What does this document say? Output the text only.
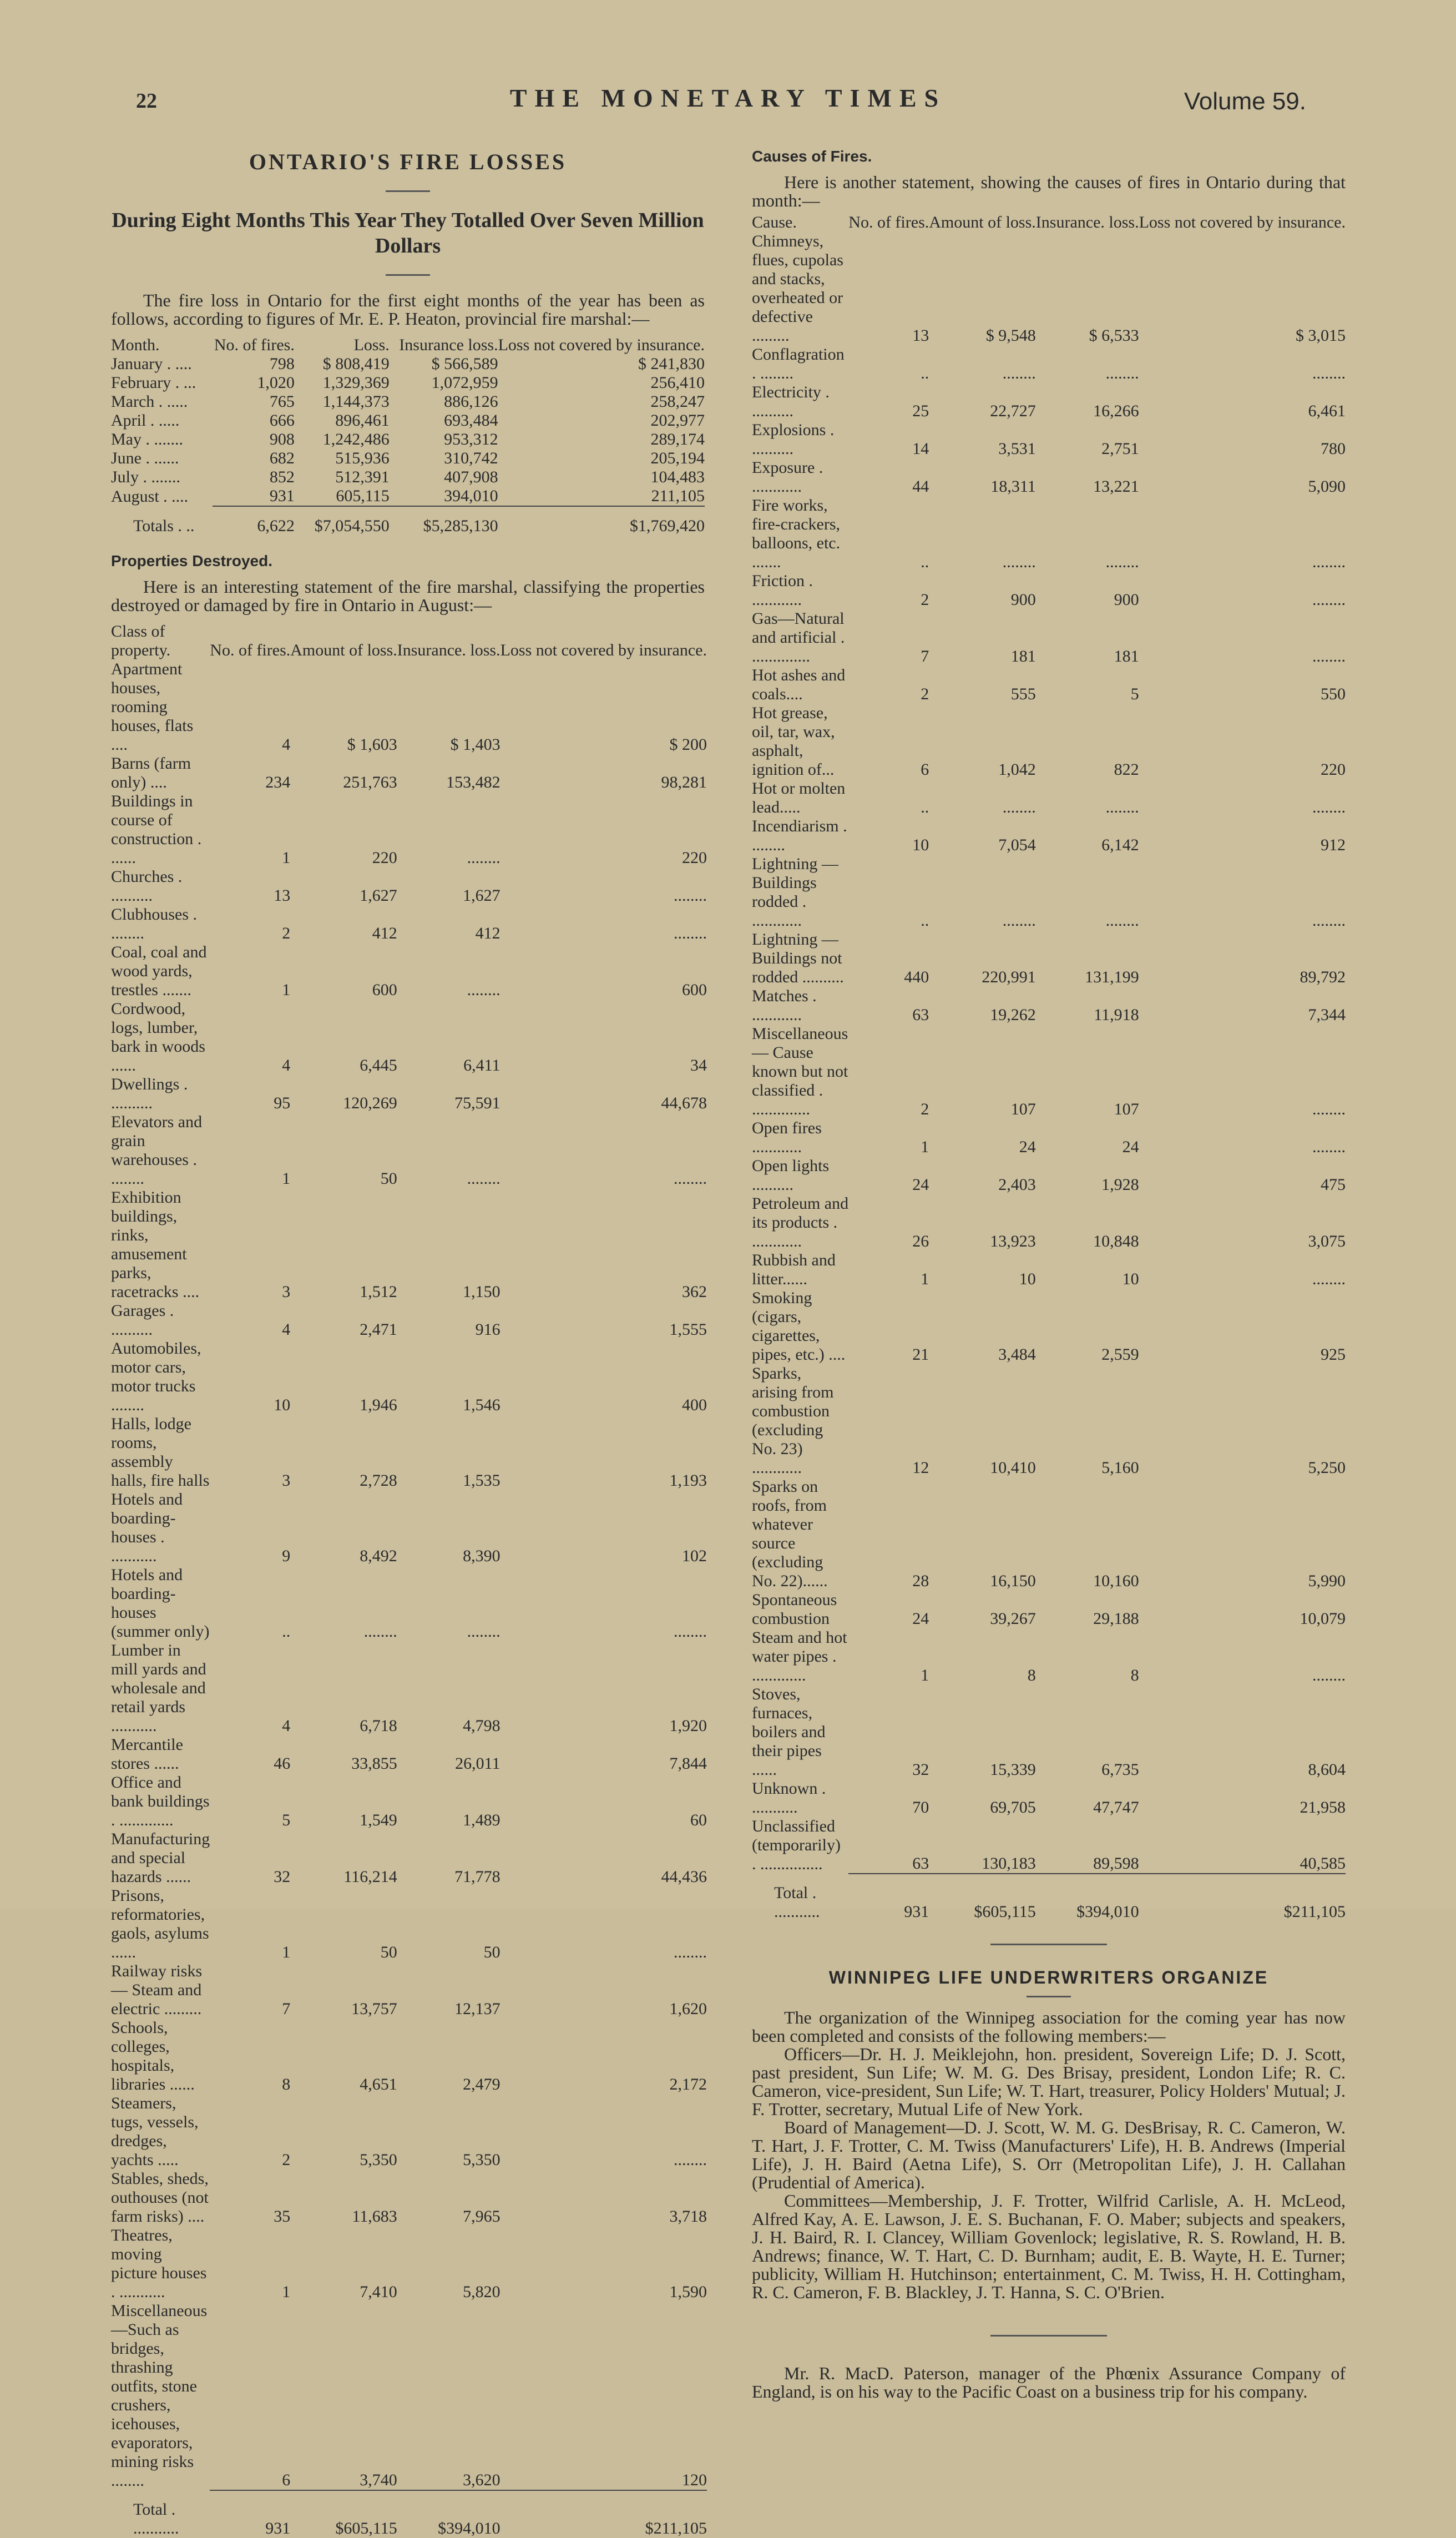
22	THE MONETARY TIMES	Volume 59.
ONTARIO'S FIRE LOSSES
During Eight Months This Year They Totalled Over Seven Million Dollars

The fire loss in Ontario for the first eight months of the year has been as follows, according to figures of Mr. E. P. Heaton, provincial fire marshal:—

Month.	No. of fires.	Loss.	Insurance loss.	Loss not covered by insurance.
January . ....	798	$ 808,419	$ 566,589	$ 241,830
February . ...	1,020	1,329,369	1,072,959	256,410
March . .....	765	1,144,373	886,126	258,247
April . .....	666	896,461	693,484	202,977
May . .......	908	1,242,486	953,312	289,174
June . ......	682	515,936	310,742	205,194
July . .......	852	512,391	407,908	104,483
August . ....	931	605,115	394,010	211,105
Totals . ..	6,622	$7,054,550	$5,285,130	$1,769,420
Properties Destroyed.

Here is an interesting statement of the fire marshal, classifying the properties destroyed or damaged by fire in Ontario in August:—

Class of property.	No. of fires.	Amount of loss.	Insurance. loss.	Loss not covered by insurance.
Apartment houses, rooming houses, flats ....	4	$ 1,603	$ 1,403	$ 200
Barns (farm only) ....	234	251,763	153,482	98,281
Buildings in course of construction . ......	1	220	........	220
Churches . ..........	13	1,627	1,627	........
Clubhouses . ........	2	412	412	........
Coal, coal and wood yards, trestles .......	1	600	........	600
Cordwood, logs, lumber, bark in woods ......	4	6,445	6,411	34
Dwellings . ..........	95	120,269	75,591	44,678
Elevators and grain warehouses . ........	1	50	........	........
Exhibition buildings, rinks, amusement parks, racetracks ....	3	1,512	1,150	362
Garages . ..........	4	2,471	916	1,555
Automobiles, motor cars, motor trucks ........	10	1,946	1,546	400
Halls, lodge rooms, assembly halls, fire halls	3	2,728	1,535	1,193
Hotels and boarding-houses . ...........	9	8,492	8,390	102
Hotels and boarding-houses (summer only)	..	........	........	........
Lumber in mill yards and wholesale and retail yards ...........	4	6,718	4,798	1,920
Mercantile stores ......	46	33,855	26,011	7,844
Office and bank buildings . .............	5	1,549	1,489	60
Manufacturing and special hazards ......	32	116,214	71,778	44,436
Prisons, reformatories, gaols, asylums ......	1	50	50	........
Railway risks — Steam and electric .........	7	13,757	12,137	1,620
Schools, colleges, hospitals, libraries ......	8	4,651	2,479	2,172
Steamers, tugs, vessels, dredges, yachts .....	2	5,350	5,350	........
Stables, sheds, outhouses (not farm risks) ....	35	11,683	7,965	3,718
Theatres, moving picture houses . ...........	1	7,410	5,820	1,590
Miscellaneous—Such as bridges, thrashing outfits, stone crushers, icehouses, evaporators, mining risks ........	6	3,740	3,620	120
Total . ...........	931	$605,115	$394,010	$211,105
Causes of Fires.

Here is another statement, showing the causes of fires in Ontario during that month:—

Cause.	No. of fires.	Amount of loss.	Insurance. loss.	Loss not covered by insurance.
Chimneys, flues, cupolas and stacks, overheated or defective .........	13	$ 9,548	$ 6,533	$ 3,015
Conflagration . ........	..	........	........	........
Electricity . ..........	25	22,727	16,266	6,461
Explosions . ..........	14	3,531	2,751	780
Exposure . ............	44	18,311	13,221	5,090
Fire works, fire-crackers, balloons, etc. .......	..	........	........	........
Friction . ............	2	900	900	........
Gas—Natural and artificial . ..............	7	181	181	........
Hot ashes and coals....	2	555	5	550
Hot grease, oil, tar, wax, asphalt, ignition of...	6	1,042	822	220
Hot or molten lead.....	..	........	........	........
Incendiarism . ........	10	7,054	6,142	912
Lightning — Buildings rodded . ............	..	........	........	........
Lightning — Buildings not rodded ..........	440	220,991	131,199	89,792
Matches . ............	63	19,262	11,918	7,344
Miscellaneous — Cause known but not classified . ..............	2	107	107	........
Open fires ............	1	24	24	........
Open lights ..........	24	2,403	1,928	475
Petroleum and its products . ............	26	13,923	10,848	3,075
Rubbish and litter......	1	10	10	........
Smoking (cigars, cigarettes, pipes, etc.) ....	21	3,484	2,559	925
Sparks, arising from combustion (excluding No. 23) ............	12	10,410	5,160	5,250
Sparks on roofs, from whatever source (excluding No. 22)......	28	16,150	10,160	5,990
Spontaneous combustion	24	39,267	29,188	10,079
Steam and hot water pipes . .............	1	8	8	........
Stoves, furnaces, boilers and their pipes ......	32	15,339	6,735	8,604
Unknown . ...........	70	69,705	47,747	21,958
Unclassified (temporarily) . ...............	63	130,183	89,598	40,585
Total . ...........	931	$605,115	$394,010	$211,105
WINNIPEG LIFE UNDERWRITERS ORGANIZE

The organization of the Winnipeg association for the coming year has now been completed and consists of the following members:—

Officers—Dr. H. J. Meiklejohn, hon. president, Sovereign Life; D. J. Scott, past president, Sun Life; W. M. G. Des Brisay, president, London Life; R. C. Cameron, vice-president, Sun Life; W. T. Hart, treasurer, Policy Holders' Mutual; J. F. Trotter, secretary, Mutual Life of New York.

Board of Management—D. J. Scott, W. M. G. DesBrisay, R. C. Cameron, W. T. Hart, J. F. Trotter, C. M. Twiss (Manufacturers' Life), H. B. Andrews (Imperial Life), J. H. Baird (Aetna Life), S. Orr (Metropolitan Life), J. H. Callahan (Prudential of America).

Committees—Membership, J. F. Trotter, Wilfrid Carlisle, A. H. McLeod, Alfred Kay, A. E. Lawson, J. E. S. Buchanan, F. O. Maber; subjects and speakers, J. H. Baird, R. I. Clancey, William Govenlock; legislative, R. S. Rowland, H. B. Andrews; finance, W. T. Hart, C. D. Burnham; audit, E. B. Wayte, H. E. Turner; publicity, William H. Hutchinson; entertainment, C. M. Twiss, H. H. Cottingham, R. C. Cameron, F. B. Blackley, J. T. Hanna, S. C. O'Brien.

Mr. R. MacD. Paterson, manager of the Phœnix Assurance Company of England, is on his way to the Pacific Coast on a business trip for his company.
